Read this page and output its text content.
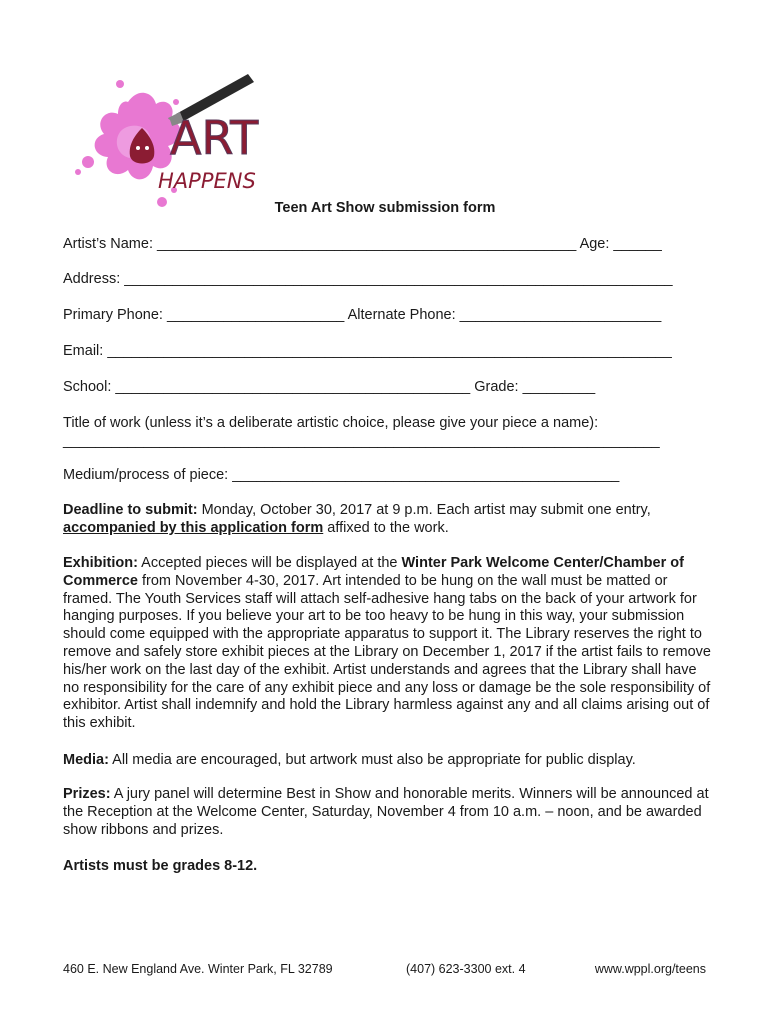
ART
HAPPENS
Teen Art Show submission form
Artist’s Name: ____________________________________________________ Age: ______
Address: ____________________________________________________________________
Primary Phone: ______________________ Alternate Phone: _________________________
Email: ______________________________________________________________________
School: ____________________________________________ Grade: _________
Title of work (unless it’s a deliberate artistic choice, please give your piece a name):
__________________________________________________________________________
Medium/process of piece: ________________________________________________
Deadline to submit: Monday, October 30, 2017 at 9 p.m. Each artist may submit one entry, accompanied by this application form affixed to the work.
Exhibition: Accepted pieces will be displayed at the Winter Park Welcome Center/Chamber of Commerce from November 4-30, 2017. Art intended to be hung on the wall must be matted or framed. The Youth Services staff will attach self-adhesive hang tabs on the back of your artwork for hanging purposes. If you believe your art to be too heavy to be hung in this way, your submission should come equipped with the appropriate apparatus to support it. The Library reserves the right to remove and safely store exhibit pieces at the Library on December 1, 2017 if the artist fails to remove his/her work on the last day of the exhibit. Artist understands and agrees that the Library shall have no responsibility for the care of any exhibit piece and any loss or damage be the sole responsibility of exhibitor. Artist shall indemnify and hold the Library harmless against any and all claims arising out of this exhibit.
Media: All media are encouraged, but artwork must also be appropriate for public display.
Prizes: A jury panel will determine Best in Show and honorable merits. Winners will be announced at the Reception at the Welcome Center, Saturday, November 4 from 10 a.m. – noon, and be awarded show ribbons and prizes.
Artists must be grades 8-12.
460 E. New England Ave. Winter Park, FL 32789	(407) 623-3300 ext. 4	www.wppl.org/teens
